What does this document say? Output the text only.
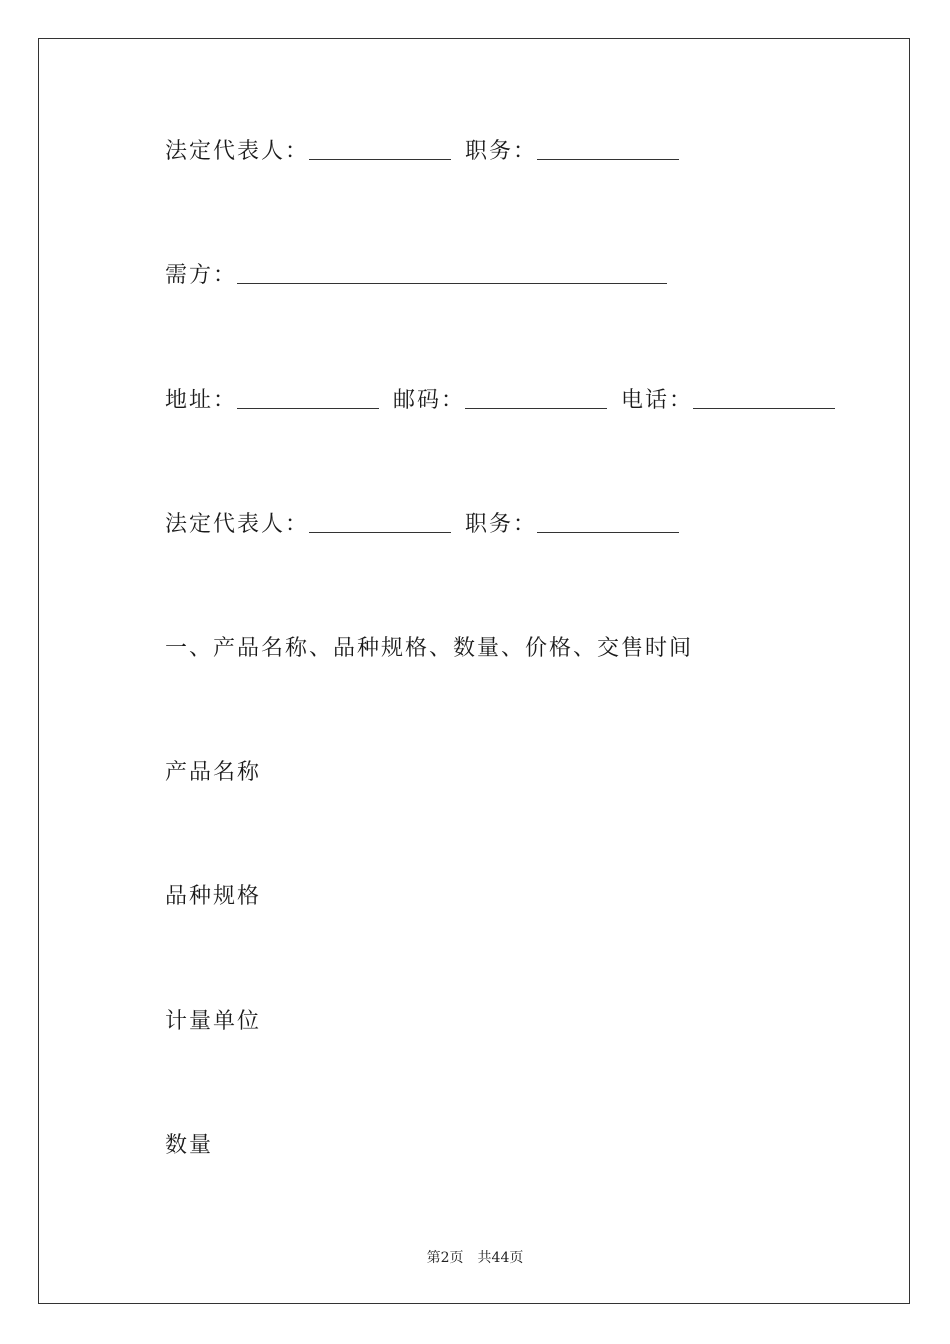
法定代表人：	职务：
需方：
地址：	邮码：	电话：
法定代表人：	职务：
一、产品名称、品种规格、数量、价格、交售时间
产品名称
品种规格
计量单位
数量
第2页 共44页
